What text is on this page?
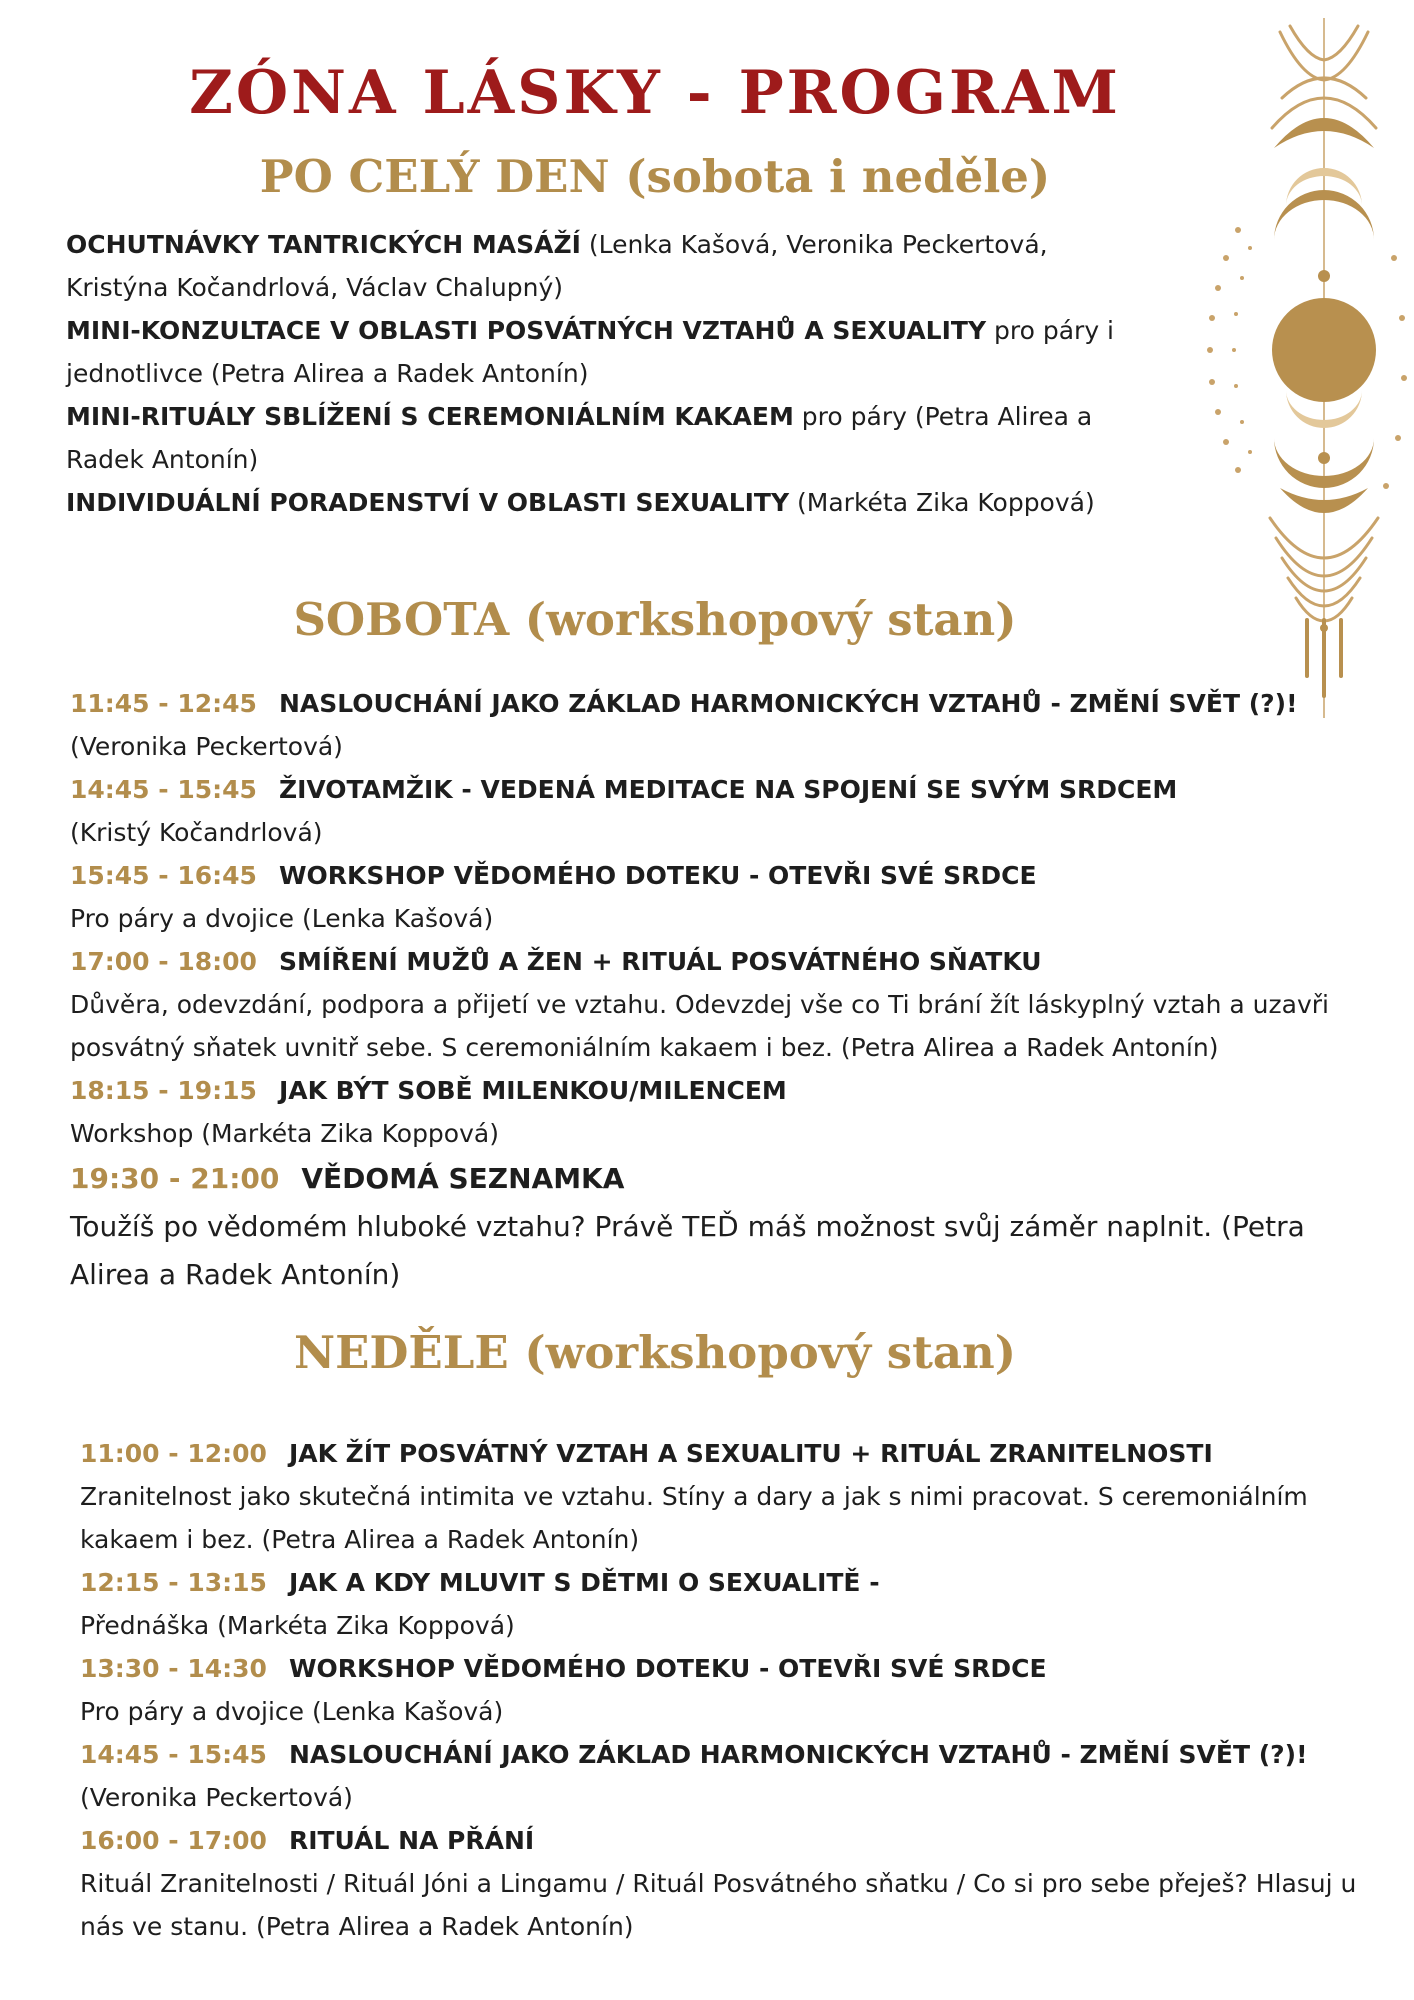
ZÓNA LÁSKY - PROGRAM
PO CELÝ DEN (sobota i neděle)

OCHUTNÁVKY TANTRICKÝCH MASÁŽÍ (Lenka Kašová, Veronika Peckertová, Kristýna Kočandrlová, Václav Chalupný)

MINI-KONZULTACE V OBLASTI POSVÁTNÝCH VZTAHŮ A SEXUALITY pro páry i jednotlivce (Petra Alirea a Radek Antonín)

MINI-RITUÁLY SBLÍŽENÍ S CEREMONIÁLNÍM KAKAEM pro páry (Petra Alirea a Radek Antonín)

INDIVIDUÁLNÍ PORADENSTVÍ V OBLASTI SEXUALITY (Markéta Zika Koppová)

SOBOTA (workshopový stan)

11:45 - 12:45 NASLOUCHÁNÍ JAKO ZÁKLAD HARMONICKÝCH VZTAHŮ - ZMĚNÍ SVĚT (?)!

(Veronika Peckertová)

14:45 - 15:45 ŽIVOTAMŽIK - VEDENÁ MEDITACE NA SPOJENÍ SE SVÝM SRDCEM

(Kristý Kočandrlová)

15:45 - 16:45 WORKSHOP VĚDOMÉHO DOTEKU - OTEVŘI SVÉ SRDCE

Pro páry a dvojice (Lenka Kašová)

17:00 - 18:00 SMÍŘENÍ MUŽŮ A ŽEN + RITUÁL POSVÁTNÉHO SŇATKU

Důvěra, odevzdání, podpora a přijetí ve vztahu. Odevzdej vše co Ti brání žít láskyplný vztah a uzavři posvátný sňatek uvnitř sebe. S ceremoniálním kakaem i bez. (Petra Alirea a Radek Antonín)

18:15 - 19:15 JAK BÝT SOBĚ MILENKOU/MILENCEM

Workshop (Markéta Zika Koppová)

19:30 - 21:00 VĚDOMÁ SEZNAMKA

Toužíš po vědomém hluboké vztahu? Právě TEĎ máš možnost svůj záměr naplnit. (Petra Alirea a Radek Antonín)

NEDĚLE (workshopový stan)

11:00 - 12:00 JAK ŽÍT POSVÁTNÝ VZTAH A SEXUALITU + RITUÁL ZRANITELNOSTI

Zranitelnost jako skutečná intimita ve vztahu. Stíny a dary a jak s nimi pracovat. S ceremoniálním kakaem i bez. (Petra Alirea a Radek Antonín)

12:15 - 13:15 JAK A KDY MLUVIT S DĚTMI O SEXUALITĚ -

Přednáška (Markéta Zika Koppová)

13:30 - 14:30 WORKSHOP VĚDOMÉHO DOTEKU - OTEVŘI SVÉ SRDCE

Pro páry a dvojice (Lenka Kašová)

14:45 - 15:45 NASLOUCHÁNÍ JAKO ZÁKLAD HARMONICKÝCH VZTAHŮ - ZMĚNÍ SVĚT (?)!

(Veronika Peckertová)

16:00 - 17:00 RITUÁL NA PŘÁNÍ

Rituál Zranitelnosti / Rituál Jóni a Lingamu / Rituál Posvátného sňatku / Co si pro sebe přeješ? Hlasuj u nás ve stanu. (Petra Alirea a Radek Antonín)
